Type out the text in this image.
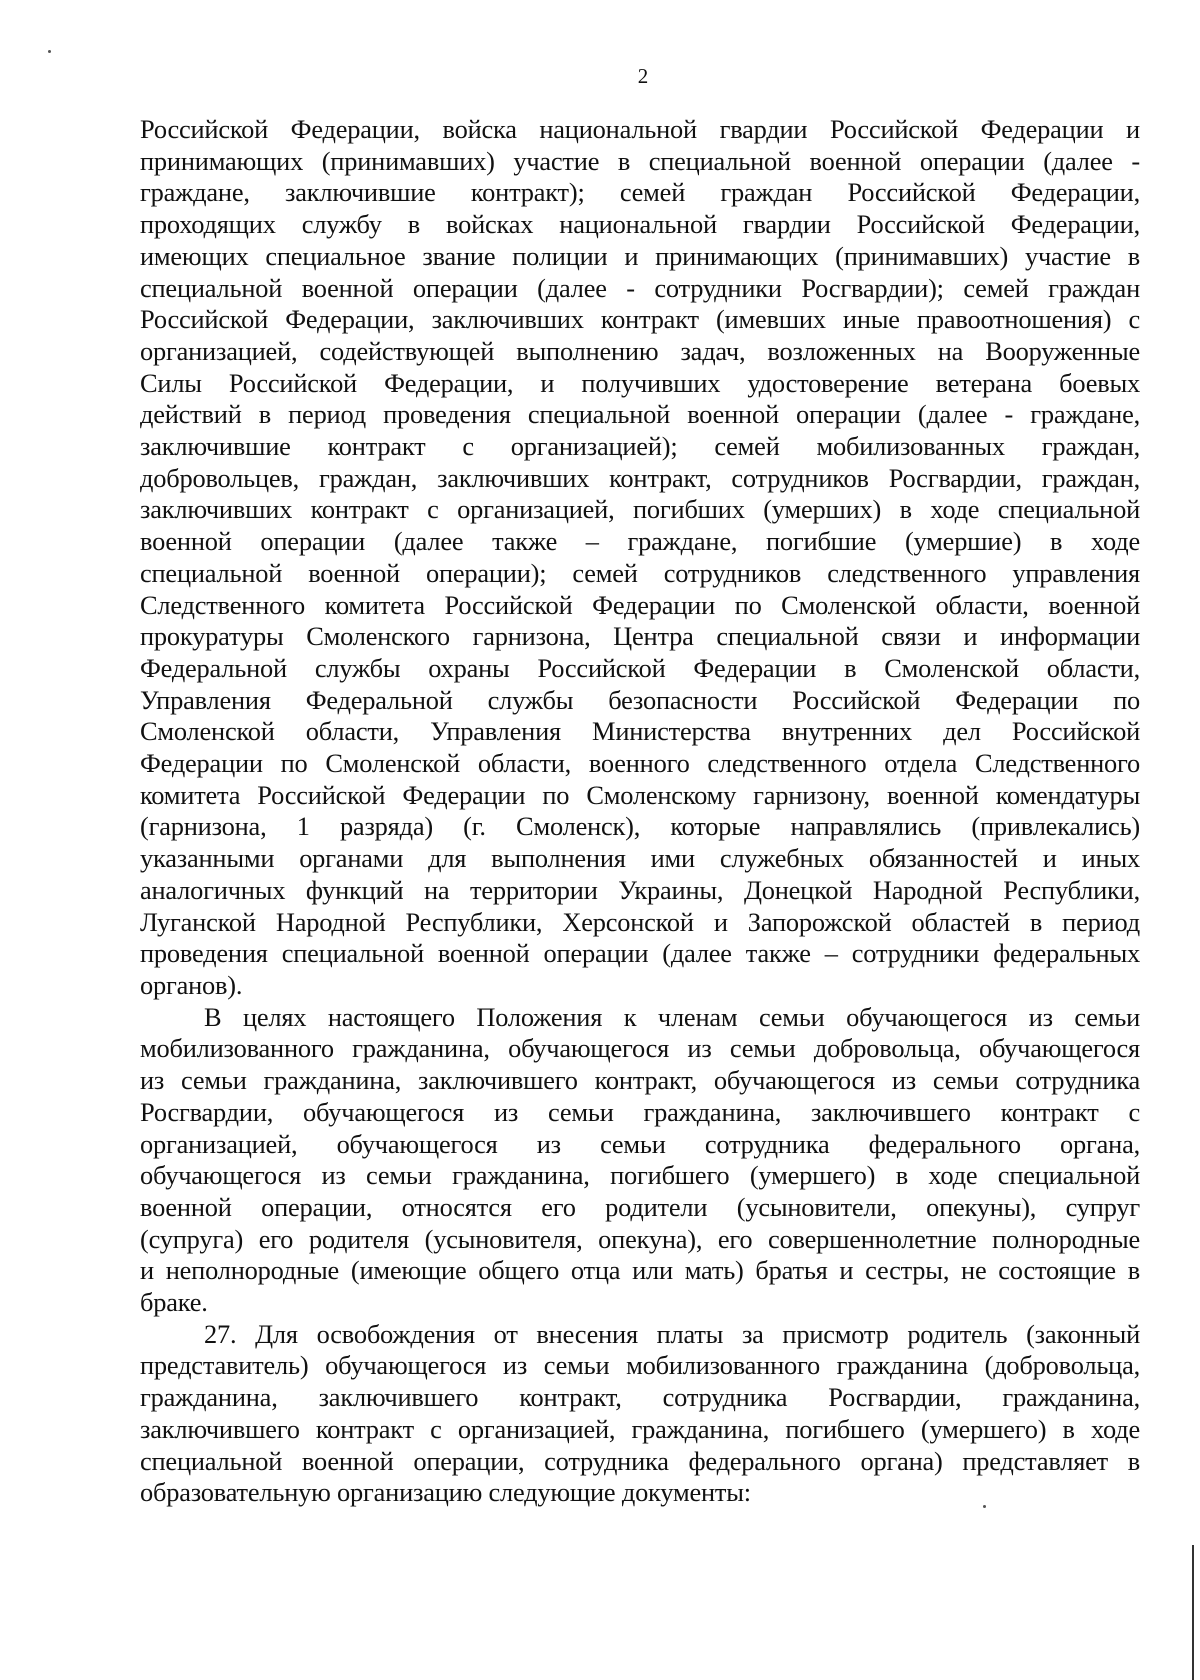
2

Российской Федерации, войска национальной гвардии Российской Федерации и
принимающих (принимавших) участие в специальной военной операции (далее -
граждане, заключившие контракт); семей граждан Российской Федерации,
проходящих службу в войсках национальной гвардии Российской Федерации,
имеющих специальное звание полиции и принимающих (принимавших) участие в
специальной военной операции (далее - сотрудники Росгвардии); семей граждан
Российской Федерации, заключивших контракт (имевших иные правоотношения) с
организацией, содействующей выполнению задач, возложенных на Вооруженные
Силы Российской Федерации, и получивших удостоверение ветерана боевых
действий в период проведения специальной военной операции (далее - граждане,
заключившие контракт с организацией); семей мобилизованных граждан,
добровольцев, граждан, заключивших контракт, сотрудников Росгвардии, граждан,
заключивших контракт с организацией, погибших (умерших) в ходе специальной
военной операции (далее также – граждане, погибшие (умершие) в ходе
специальной военной операции); семей сотрудников следственного управления
Следственного комитета Российской Федерации по Смоленской области, военной
прокуратуры Смоленского гарнизона, Центра специальной связи и информации
Федеральной службы охраны Российской Федерации в Смоленской области,
Управления Федеральной службы безопасности Российской Федерации по
Смоленской области, Управления Министерства внутренних дел Российской
Федерации по Смоленской области, военного следственного отдела Следственного
комитета Российской Федерации по Смоленскому гарнизону, военной комендатуры
(гарнизона, 1 разряда) (г. Смоленск), которые направлялись (привлекались)
указанными органами для выполнения ими служебных обязанностей и иных
аналогичных функций на территории Украины, Донецкой Народной Республики,
Луганской Народной Республики, Херсонской и Запорожской областей в период
проведения специальной военной операции (далее также – сотрудники федеральных
органов).

В целях настоящего Положения к членам семьи обучающегося из семьи
мобилизованного гражданина, обучающегося из семьи добровольца, обучающегося
из семьи гражданина, заключившего контракт, обучающегося из семьи сотрудника
Росгвардии, обучающегося из семьи гражданина, заключившего контракт с
организацией, обучающегося из семьи сотрудника федерального органа,
обучающегося из семьи гражданина, погибшего (умершего) в ходе специальной
военной операции, относятся его родители (усыновители, опекуны), супруг
(супруга) его родителя (усыновителя, опекуна), его совершеннолетние полнородные
и неполнородные (имеющие общего отца или мать) братья и сестры, не состоящие в
браке.

27. Для освобождения от внесения платы за присмотр родитель (законный
представитель) обучающегося из семьи мобилизованного гражданина (добровольца,
гражданина, заключившего контракт, сотрудника Росгвардии, гражданина,
заключившего контракт с организацией, гражданина, погибшего (умершего) в ходе
специальной военной операции, сотрудника федерального органа) представляет в
образовательную организацию следующие документы:
